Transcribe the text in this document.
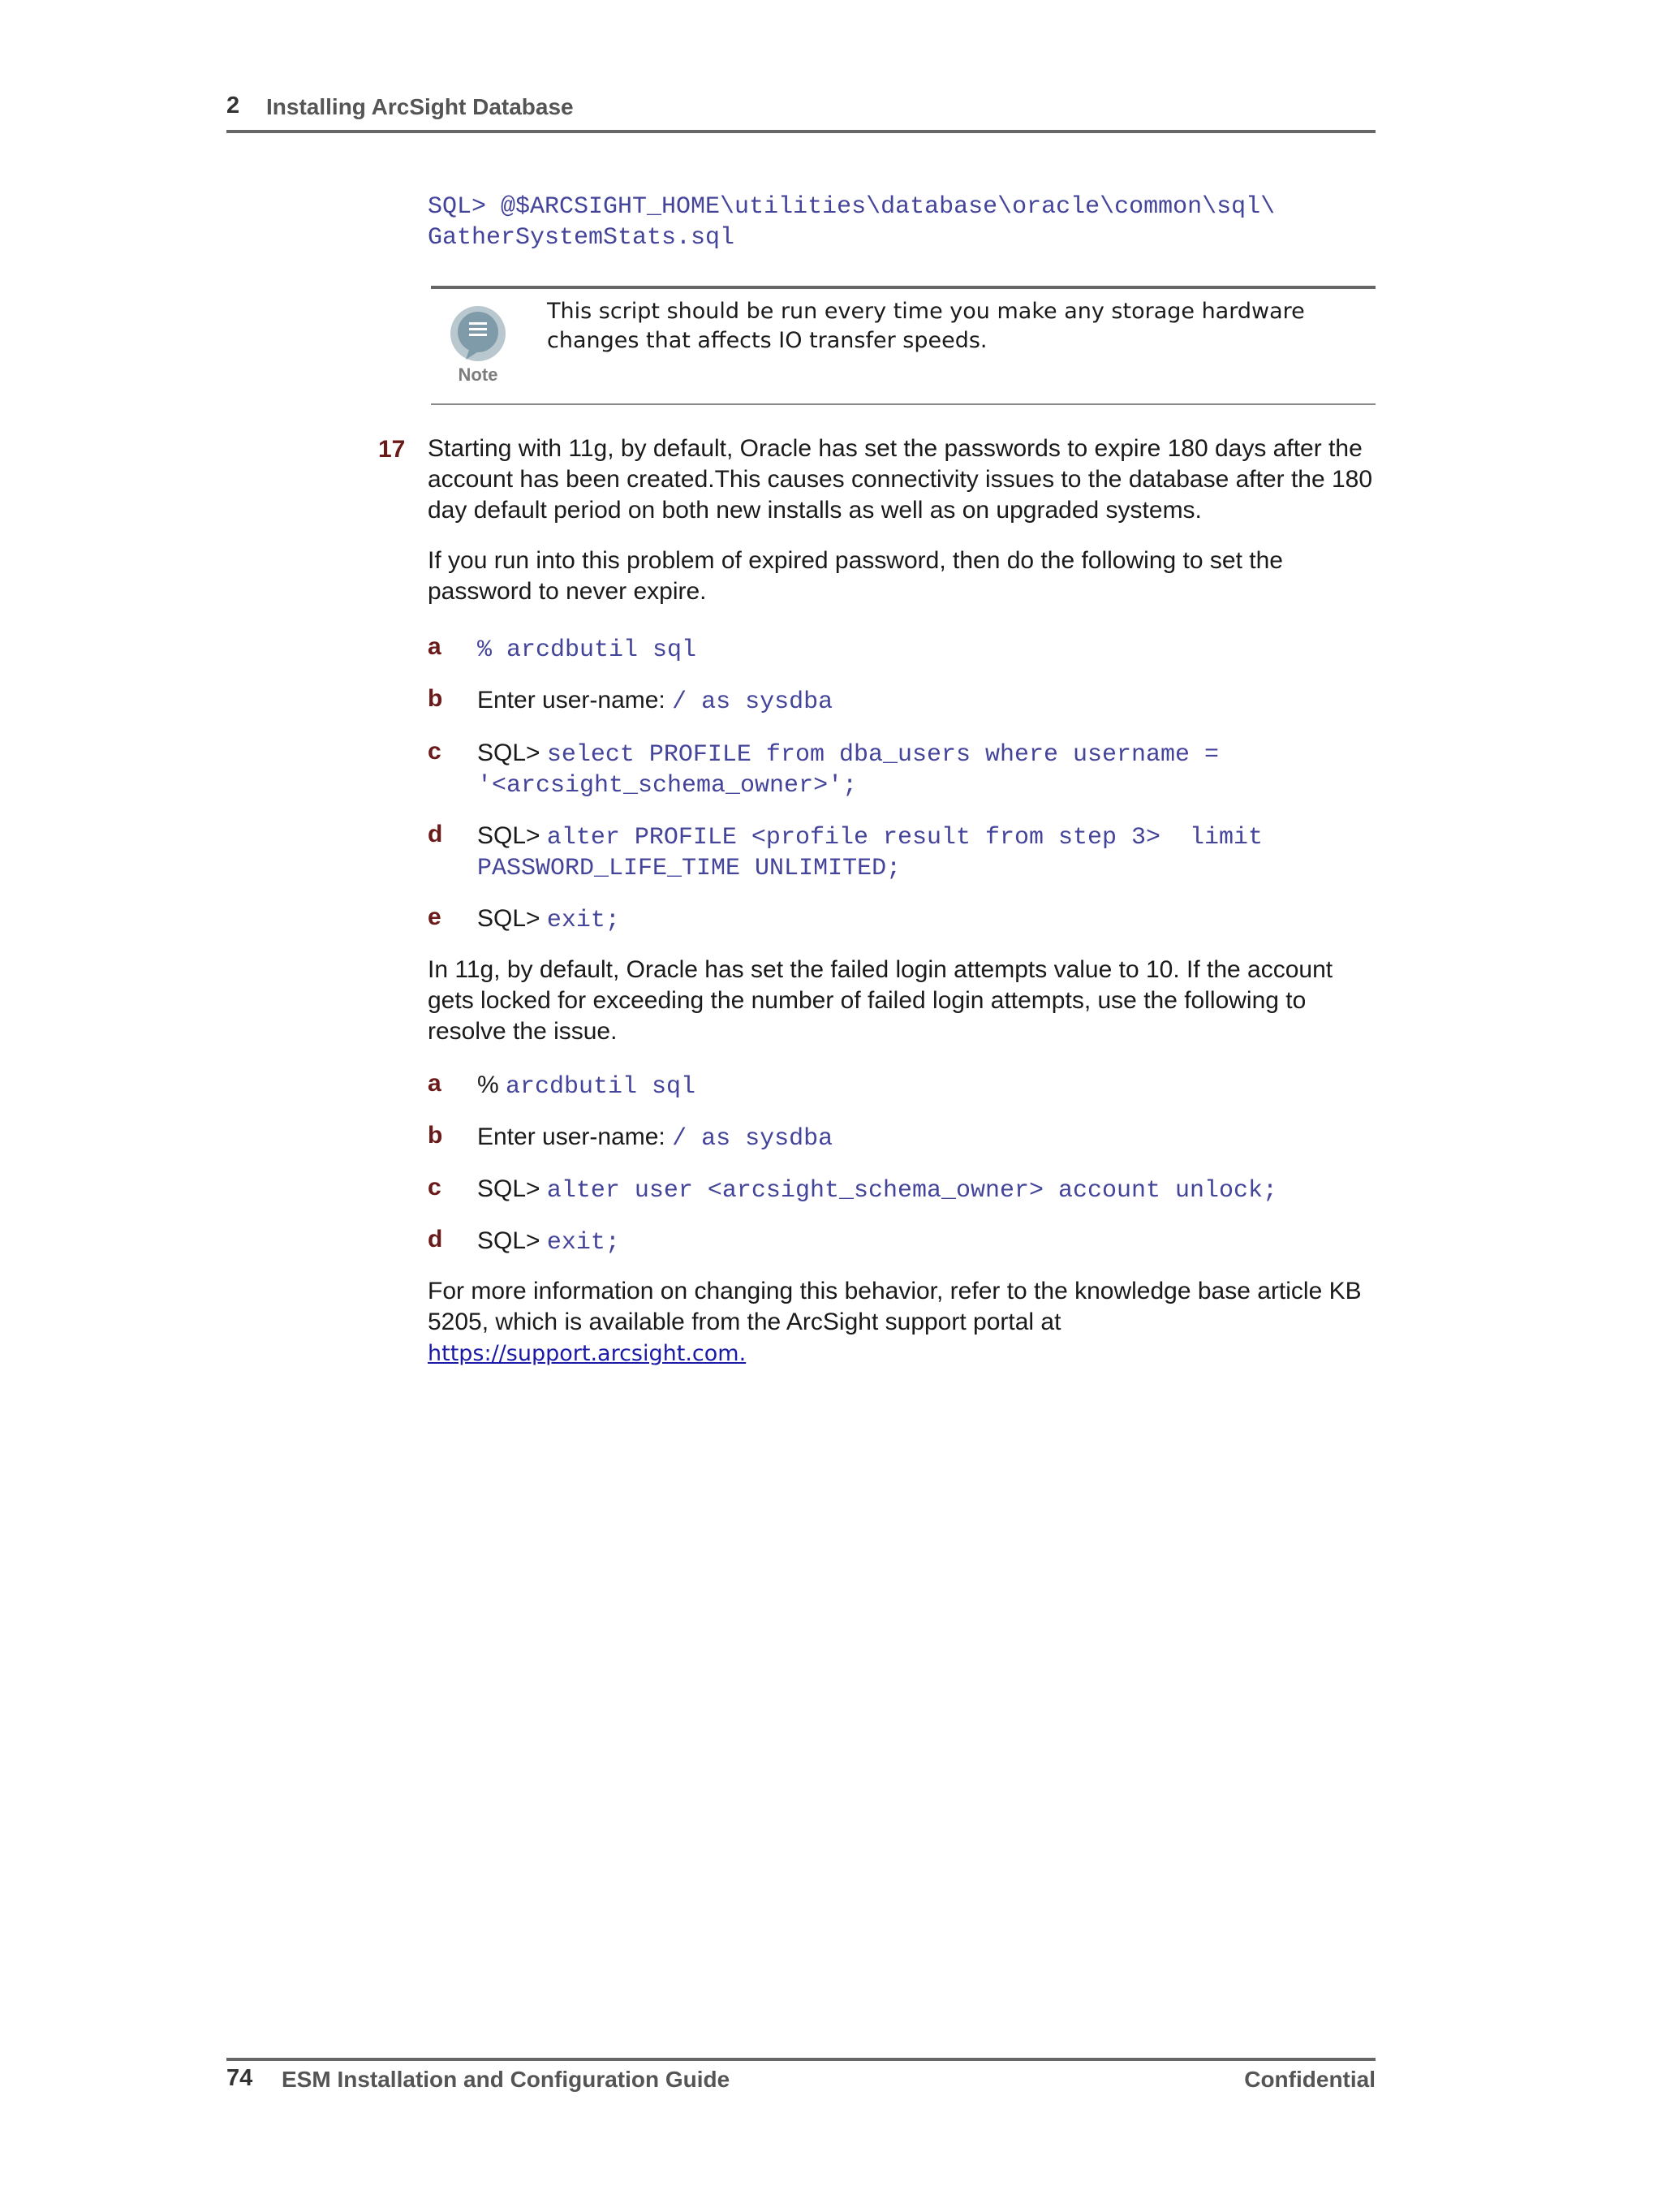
2 Installing ArcSight Database
SQL> @$ARCSIGHT_HOME\utilities\database\oracle\common\sql\
GatherSystemStats.sql
Note
This script should be run every time you make any storage hardware changes that affects IO transfer speeds.
17 Starting with 11g, by default, Oracle has set the passwords to expire 180 days after the account has been created.This causes connectivity issues to the database after the 180 day default period on both new installs as well as on upgraded systems.
If you run into this problem of expired password, then do the following to set the password to never expire.
a % arcdbutil sql
b Enter user-name: / as sysdba
c SQL> select PROFILE from dba_users where username =
'<arcsight_schema_owner>';
d SQL> alter PROFILE <profile result from step 3>  limit
PASSWORD_LIFE_TIME UNLIMITED;
e SQL> exit;
In 11g, by default, Oracle has set the failed login attempts value to 10. If the account gets locked for exceeding the number of failed login attempts, use the following to resolve the issue.
a % arcdbutil sql
b Enter user-name: / as sysdba
c SQL> alter user <arcsight_schema_owner> account unlock;
d SQL> exit;
For more information on changing this behavior, refer to the knowledge base article KB 5205, which is available from the ArcSight support portal at
https://support.arcsight.com.
74 ESM Installation and Configuration Guide	Confidential
